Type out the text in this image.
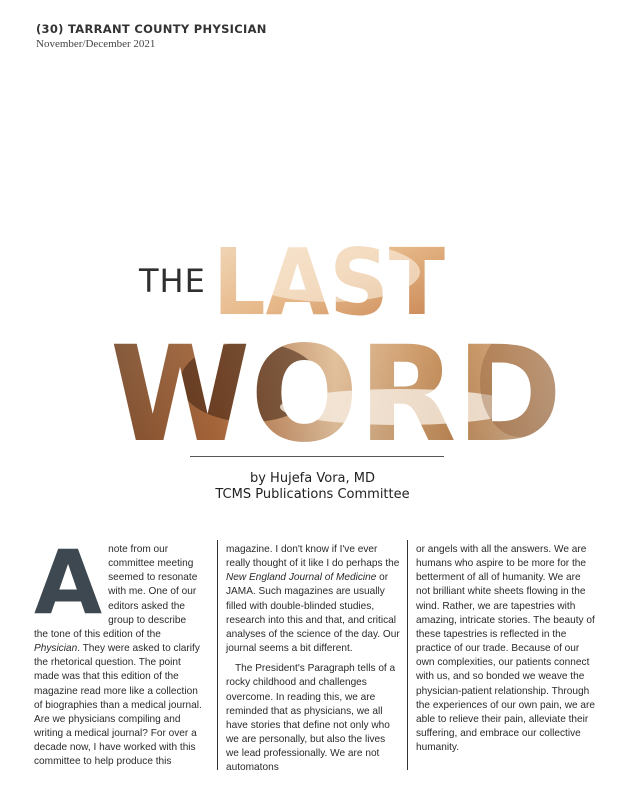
(30) TARRANT COUNTY PHYSICIAN
November/December 2021
THE LAST
WORD
by Hujefa Vora, MD
TCMS Publications Committee
A note from our
committee meeting
seemed to resonate
with me. One of our
editors asked the
group to describe

the tone of this edition of the Physician. They were asked to clarify the rhetorical question. The point made was that this edition of the magazine read more like a collection of biographies than a medical journal. Are we physicians compiling and writing a medical journal? For over a decade now, I have worked with this committee to help produce this

magazine. I don't know if I've ever really thought of it like I do perhaps the New England Journal of Medicine or JAMA. Such magazines are usually filled with double-blinded studies, research into this and that, and critical analyses of the science of the day. Our journal seems a bit different.

The President's Paragraph tells of a rocky childhood and challenges overcome. In reading this, we are reminded that as physicians, we all have stories that define not only who we are personally, but also the lives we lead professionally. We are not automatons

or angels with all the answers. We are humans who aspire to be more for the betterment of all of humanity. We are not brilliant white sheets flowing in the wind. Rather, we are tapestries with amazing, intricate stories. The beauty of these tapestries is reflected in the practice of our trade. Because of our own complexities, our patients connect with us, and so bonded we weave the physician-patient relationship. Through the experiences of our own pain, we are able to relieve their pain, alleviate their suffering, and embrace our collective humanity.
